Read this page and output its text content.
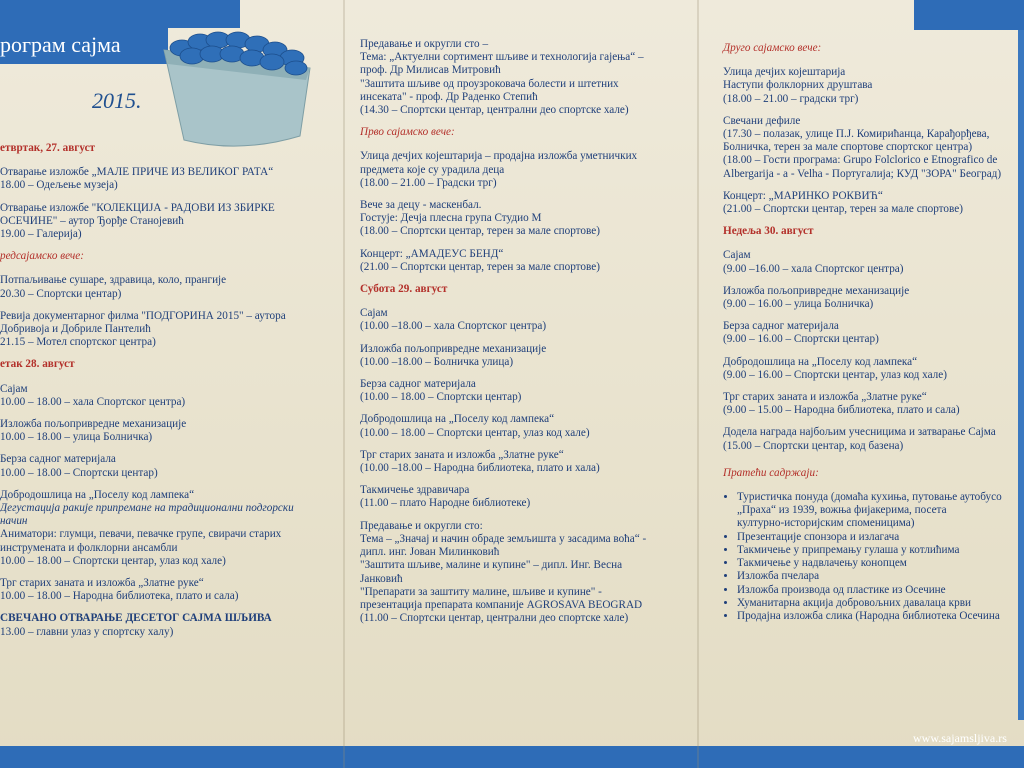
рограм сајма
2015.
етвртак, 27. август
Отварање изложбе „МАЛЕ ПРИЧЕ ИЗ ВЕЛИКОГ РАТА“
18.00 – Одељење музеја)
Отварање изложбе "КОЛЕКЦИЈА - РАДОВИ ИЗ ЗБИРКЕ
ОСЕЧИНЕ" – аутор Ђорђе Станојевић
19.00 – Галерија)
редсајамско вече:
Потпаљивање сушаре, здравица, коло, прангије
20.30 – Спортски центар)
Ревија документарног филма "ПОДГОРИНА 2015" – аутора
Добривоја и Добриле Пантелић
21.15 – Мотел спортског центра)
етак 28. август
Сајам
10.00 – 18.00 – хала Спортског центра)
Изложба пољопривредне механизације
10.00 – 18.00 – улица Болничка)
Берза садног материјала
10.00 – 18.00 – Спортски центар)
Добродошлица на „Поселу код лампека“
Дегустација ракије припремане на традиционални подгорски
начин
Аниматори: глумци, певачи, певачке групе, свирачи старих
инструмената и фолклорни ансамбли
10.00 – 18.00 – Спортски центар, улаз код хале)
Трг старих заната и изложба „Златне руке“
10.00 – 18.00 – Народна библиотека, плато и сала)
СВЕЧАНО ОТВАРАЊЕ ДЕСЕТОГ САЈМА ШЉИВА
13.00 – главни улаз у спортску халу)
Предавање и округли сто –
Тема: „Актуелни сортимент шљиве и технологија гајења“ –
проф. Др Милисав Митровић
"Заштита шљиве од проузроковача болести и штетних
инсеката" - проф. Др Раденко Степић
(14.30 – Спортски центар, централни део спортске хале)
Прво сајамско вече:
Улица дечјих којештарија – продајна изложба уметничких
предмета које су урадила деца
(18.00 – 21.00 – Градски трг)
Вече за децу - маскенбал.
Гостује: Дечја плесна група Студио М
(18.00 – Спортски центар, терен за мале спортове)
Концерт: „АМАДЕУС БЕНД“
(21.00 – Спортски центар, терен за мале спортове)
Субота 29. август
Сајам
(10.00 –18.00 – хала Спортског центра)
Изложба пољопривредне механизације
(10.00 –18.00 – Болничка улица)
Берза садног материјала
(10.00 – 18.00 – Спортски центар)
Добродошлица на „Поселу код лампека“
(10.00 – 18.00 – Спортски центар, улаз код хале)
Трг старих заната и изложба „Златне руке“
(10.00 –18.00 – Народна библиотека, плато и хала)
Такмичење здравичара
(11.00 – плато Народне библиотеке)
Предавање и округли сто:
Тема – „Значај и начин обраде земљишта у засадима воћа“ -
дипл. инг. Јован Милинковић
"Заштита шљиве, малине и купине" – дипл. Инг. Весна
Јанковић
"Препарати за заштиту малине, шљиве и купине" -
презентација препарата компаније AGROSAVA BEOGRAD
(11.00 – Спортски центар, централни део спортске хале)
Друго сајамско вече:
Улица дечјих којештарија
Наступи фолклорних друштава
(18.00 – 21.00 – градски трг)
Свечани дефиле
(17.30 – полазак, улице П.Ј. Комирићанца, Карађорђева,
Болничка, терен за мале спортове спортског центра)
(18.00 – Гости програма: Grupo Folclorico e Etnografico de
Albergarija - a - Velha - Португалија; КУД "ЗОРА" Београд)
Концерт: „МАРИНКО РОКВИЋ“
(21.00 – Спортски центар, терен за мале спортове)
Недеља 30. август
Сајам
(9.00 –16.00 – хала Спортског центра)
Изложба пољопривредне механизације
(9.00 – 16.00 – улица Болничка)
Берза садног материјала
(9.00 – 16.00 – Спортски центар)
Добродошлица на „Поселу код лампека“
(9.00 – 16.00 – Спортски центар, улаз код хале)
Трг старих заната и изложба „Златне руке“
(9.00 – 15.00 – Народна библиотека, плато и сала)
Додела награда најбољим учесницима и затварање Сајма
(15.00 – Спортски центар, код базена)
Пратећи садржаји:
• Туристичка понуда (домаћа кухиња, путовање аутобусо
„Праха“ из 1939, вожња фијакерима, посета
културно-историјским споменицима)
• Презентације спонзора и излагача
• Такмичење у припремању гулаша у котлићима
• Такмичење у надвлачењу конопцем
• Изложба пчелара
• Изложба производа од пластике из Осечине
• Хуманитарна акција добровољних давалаца крви
• Продајна изложба слика (Народна библиотека Осечина
www.sajamsljiva.rs
